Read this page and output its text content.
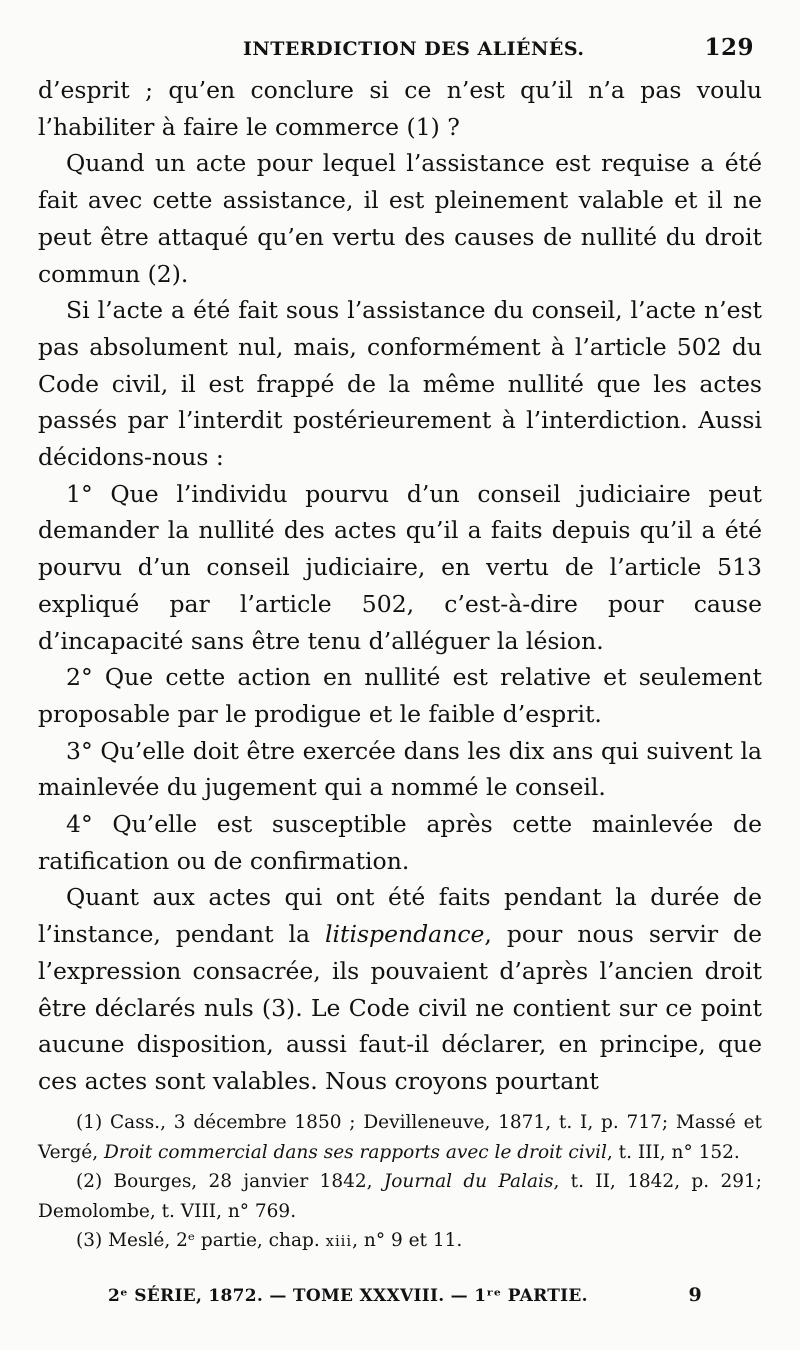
INTERDICTION DES ALIÉNÉS.	129

d’esprit ; qu’en conclure si ce n’est qu’il n’a pas voulu l’habiliter à faire le commerce (1) ?

Quand un acte pour lequel l’assistance est requise a été fait avec cette assistance, il est pleinement valable et il ne peut être attaqué qu’en vertu des causes de nullité du droit commun (2).

Si l’acte a été fait sous l’assistance du conseil, l’acte n’est pas absolument nul, mais, conformément à l’article 502 du Code civil, il est frappé de la même nullité que les actes passés par l’interdit postérieurement à l’interdiction. Aussi décidons-nous :

1° Que l’individu pourvu d’un conseil judiciaire peut demander la nullité des actes qu’il a faits depuis qu’il a été pourvu d’un conseil judiciaire, en vertu de l’article 513 expliqué par l’article 502, c’est-à-dire pour cause d’incapacité sans être tenu d’alléguer la lésion.

2° Que cette action en nullité est relative et seulement proposable par le prodigue et le faible d’esprit.

3° Qu’elle doit être exercée dans les dix ans qui suivent la mainlevée du jugement qui a nommé le conseil.

4° Qu’elle est susceptible après cette mainlevée de ratification ou de confirmation.

Quant aux actes qui ont été faits pendant la durée de l’instance, pendant la litispendance, pour nous servir de l’expression consacrée, ils pouvaient d’après l’ancien droit être déclarés nuls (3). Le Code civil ne contient sur ce point aucune disposition, aussi faut-il déclarer, en principe, que ces actes sont valables. Nous croyons pourtant

(1) Cass., 3 décembre 1850 ; Devilleneuve, 1871, t. I, p. 717; Massé et Vergé, Droit commercial dans ses rapports avec le droit civil, t. III, n° 152.

(2) Bourges, 28 janvier 1842, Journal du Palais, t. II, 1842, p. 291; Demolombe, t. VIII, n° 769.

(3) Meslé, 2ᵉ partie, chap. xiii, n° 9 et 11.

2ᵉ SÉRIE, 1872. — TOME XXXVIII. — 1ʳᵉ PARTIE.	9
